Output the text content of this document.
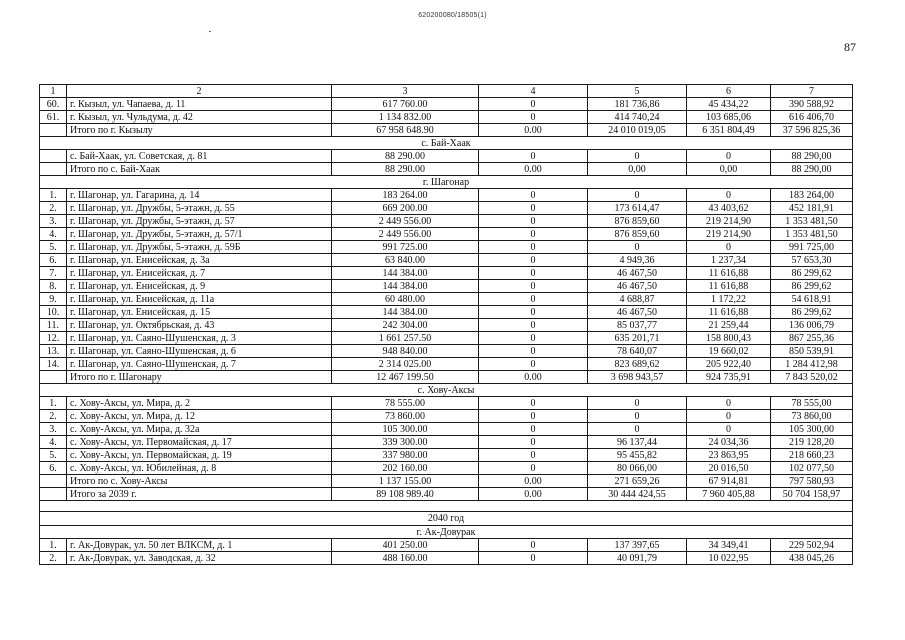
620200080/18505(1)
87
1	2	3	4	5	6	7
60.	г. Кызыл, ул. Чапаева, д. 11	617 760.00	0	181 736,86	45 434,22	390 588,92
61.	г. Кызыл, ул. Чульдума, д. 42	1 134 832.00	0	414 740,24	103 685,06	616 406,70
	Итого по г. Кызылу	67 958 648.90	0.00	24 010 019,05	6 351 804,49	37 596 825,36
с. Бай-Хаак						
	с. Бай-Хаак, ул. Советская, д. 81	88 290.00	0	0	0	88 290,00
	Итого по с. Бай-Хаак	88 290.00	0.00	0,00	0,00	88 290,00
г. Шагонар						
1.	г. Шагонар, ул. Гагарина, д. 14	183 264.00	0	0	0	183 264,00
2.	г. Шагонар, ул. Дружбы, 5-этажн, д. 55	669 200.00	0	173 614,47	43 403,62	452 181,91
3.	г. Шагонар, ул. Дружбы, 5-этажн, д. 57	2 449 556.00	0	876 859,60	219 214,90	1 353 481,50
4.	г. Шагонар, ул. Дружбы, 5-этажн, д. 57/1	2 449 556.00	0	876 859,60	219 214,90	1 353 481,50
5.	г. Шагонар, ул. Дружбы, 5-этажн, д. 59Б	991 725.00	0	0	0	991 725,00
6.	г. Шагонар, ул. Енисейская, д. 3а	63 840.00	0	4 949,36	1 237,34	57 653,30
7.	г. Шагонар, ул. Енисейская, д. 7	144 384.00	0	46 467,50	11 616,88	86 299,62
8.	г. Шагонар, ул. Енисейская, д. 9	144 384.00	0	46 467,50	11 616,88	86 299,62
9.	г. Шагонар, ул. Енисейская, д. 11а	60 480.00	0	4 688,87	1 172,22	54 618,91
10.	г. Шагонар, ул. Енисейская, д. 15	144 384.00	0	46 467,50	11 616,88	86 299,62
11.	г. Шагонар, ул. Октябрьская, д. 43	242 304.00	0	85 037,77	21 259,44	136 006,79
12.	г. Шагонар, ул. Саяно-Шушенская, д. 3	1 661 257.50	0	635 201,71	158 800,43	867 255,36
13.	г. Шагонар, ул. Саяно-Шушенская, д. 6	948 840.00	0	78 640,07	19 660,02	850 539,91
14.	г. Шагонар, ул. Саяно-Шушенская, д. 7	2 314 025.00	0	823 689,62	205 922,40	1 284 412,98
	Итого по г. Шагонару	12 467 199.50	0.00	3 698 943,57	924 735,91	7 843 520,02
с. Хову-Аксы						
1.	с. Хову-Аксы, ул. Мира, д. 2	78 555.00	0	0	0	78 555,00
2.	с. Хову-Аксы, ул. Мира, д. 12	73 860.00	0	0	0	73 860,00
3.	с. Хову-Аксы, ул. Мира, д. 32а	105 300.00	0	0	0	105 300,00
4.	с. Хову-Аксы, ул. Первомайская, д. 17	339 300.00	0	96 137,44	24 034,36	219 128,20
5.	с. Хову-Аксы, ул. Первомайская, д. 19	337 980.00	0	95 455,82	23 863,95	218 660,23
6.	с. Хову-Аксы, ул. Юбилейная, д. 8	202 160.00	0	80 066,00	20 016,50	102 077,50
	Итого по с. Хову-Аксы	1 137 155.00	0.00	271 659,26	67 914,81	797 580,93
	Итого за 2039 г.	89 108 989.40	0.00	30 444 424,55	7 960 405,88	50 704 158,97

2040 год						
г. Ак-Довурак						
1.	г. Ак-Довурак, ул. 50 лет ВЛКСМ, д. 1	401 250.00	0	137 397,65	34 349,41	229 502,94
2.	г. Ак-Довурак, ул. Заводская, д. 32	488 160.00	0	40 091,79	10 022,95	438 045,26
